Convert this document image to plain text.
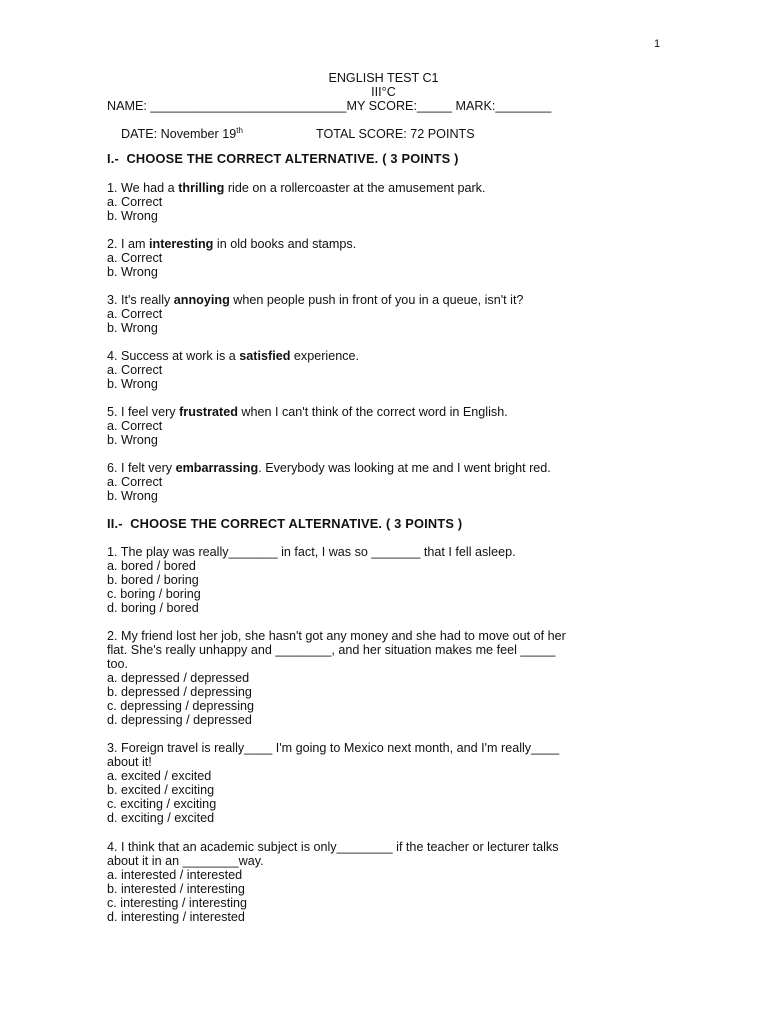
1
ENGLISH TEST C1
III°C
NAME: ____________________________MY SCORE:_____ MARK:________

DATE: November 19th	TOTAL SCORE: 72 POINTS

I.-  CHOOSE THE CORRECT ALTERNATIVE. ( 3 POINTS )
1. We had a thrilling ride on a rollercoaster at the amusement park.
a. Correct
b. Wrong
2. I am interesting in old books and stamps.
a. Correct
b. Wrong
3. It's really annoying when people push in front of you in a queue, isn't it?
a. Correct
b. Wrong
4. Success at work is a satisfied experience.
a. Correct
b. Wrong
5. I feel very frustrated when I can't think of the correct word in English.
a. Correct
b. Wrong
6. I felt very embarrassing. Everybody was looking at me and I went bright red.
a. Correct
b. Wrong
II.-  CHOOSE THE CORRECT ALTERNATIVE. ( 3 POINTS )
1. The play was really_______ in fact, I was so _______ that I fell asleep.
a. bored / bored
b. bored / boring
c. boring / boring
d. boring / bored
2. My friend lost her job, she hasn't got any money and she had to move out of her
flat. She's really unhappy and ________, and her situation makes me feel _____
too.
a. depressed / depressed
b. depressed / depressing
c. depressing / depressing
d. depressing / depressed
3. Foreign travel is really____ I'm going to Mexico next month, and I'm really____
about it!
a. excited / excited
b. excited / exciting
c. exciting / exciting
d. exciting / excited
4. I think that an academic subject is only________ if the teacher or lecturer talks
about it in an ________way.
a. interested / interested
b. interested / interesting
c. interesting / interesting
d. interesting / interested
